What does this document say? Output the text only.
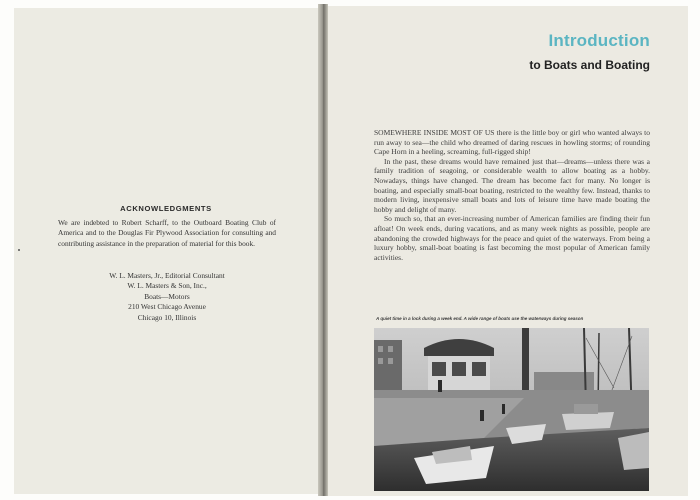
ACKNOWLEDGMENTS
We are indebted to Robert Scharff, to the Outboard Boating Club of America and to the Douglas Fir Plywood Association for consulting and contributing assistance in the preparation of material for this book.
W. L. Masters, Jr., Editorial Consultant
W. L. Masters & Son, Inc.,
Boats—Motors
210 West Chicago Avenue
Chicago 10, Illinois
Introduction
to Boats and Boating

SOMEWHERE INSIDE MOST OF US there is the little boy or girl who wanted always to run away to sea—the child who dreamed of daring rescues in howling storms; of rounding Cape Horn in a heeling, screaming, full-rigged ship!

In the past, these dreams would have remained just that—dreams—unless there was a family tradition of seagoing, or considerable wealth to allow boating as a hobby. Nowadays, things have changed. The dream has become fact for many. No longer is boating, and especially small-boat boating, restricted to the wealthy few. Instead, thanks to modern living, inexpensive small boats and lots of leisure time have made boating the hobby and delight of many.

So much so, that an ever-increasing number of American families are finding their fun afloat! On week ends, during vacations, and as many week nights as possible, people are abandoning the crowded highways for the peace and quiet of the waterways. From being a luxury hobby, small-boat boating is fast becoming the most popular of American family activities.

A quiet time in a lock during a week end. A wide range of boats use the waterways during season
